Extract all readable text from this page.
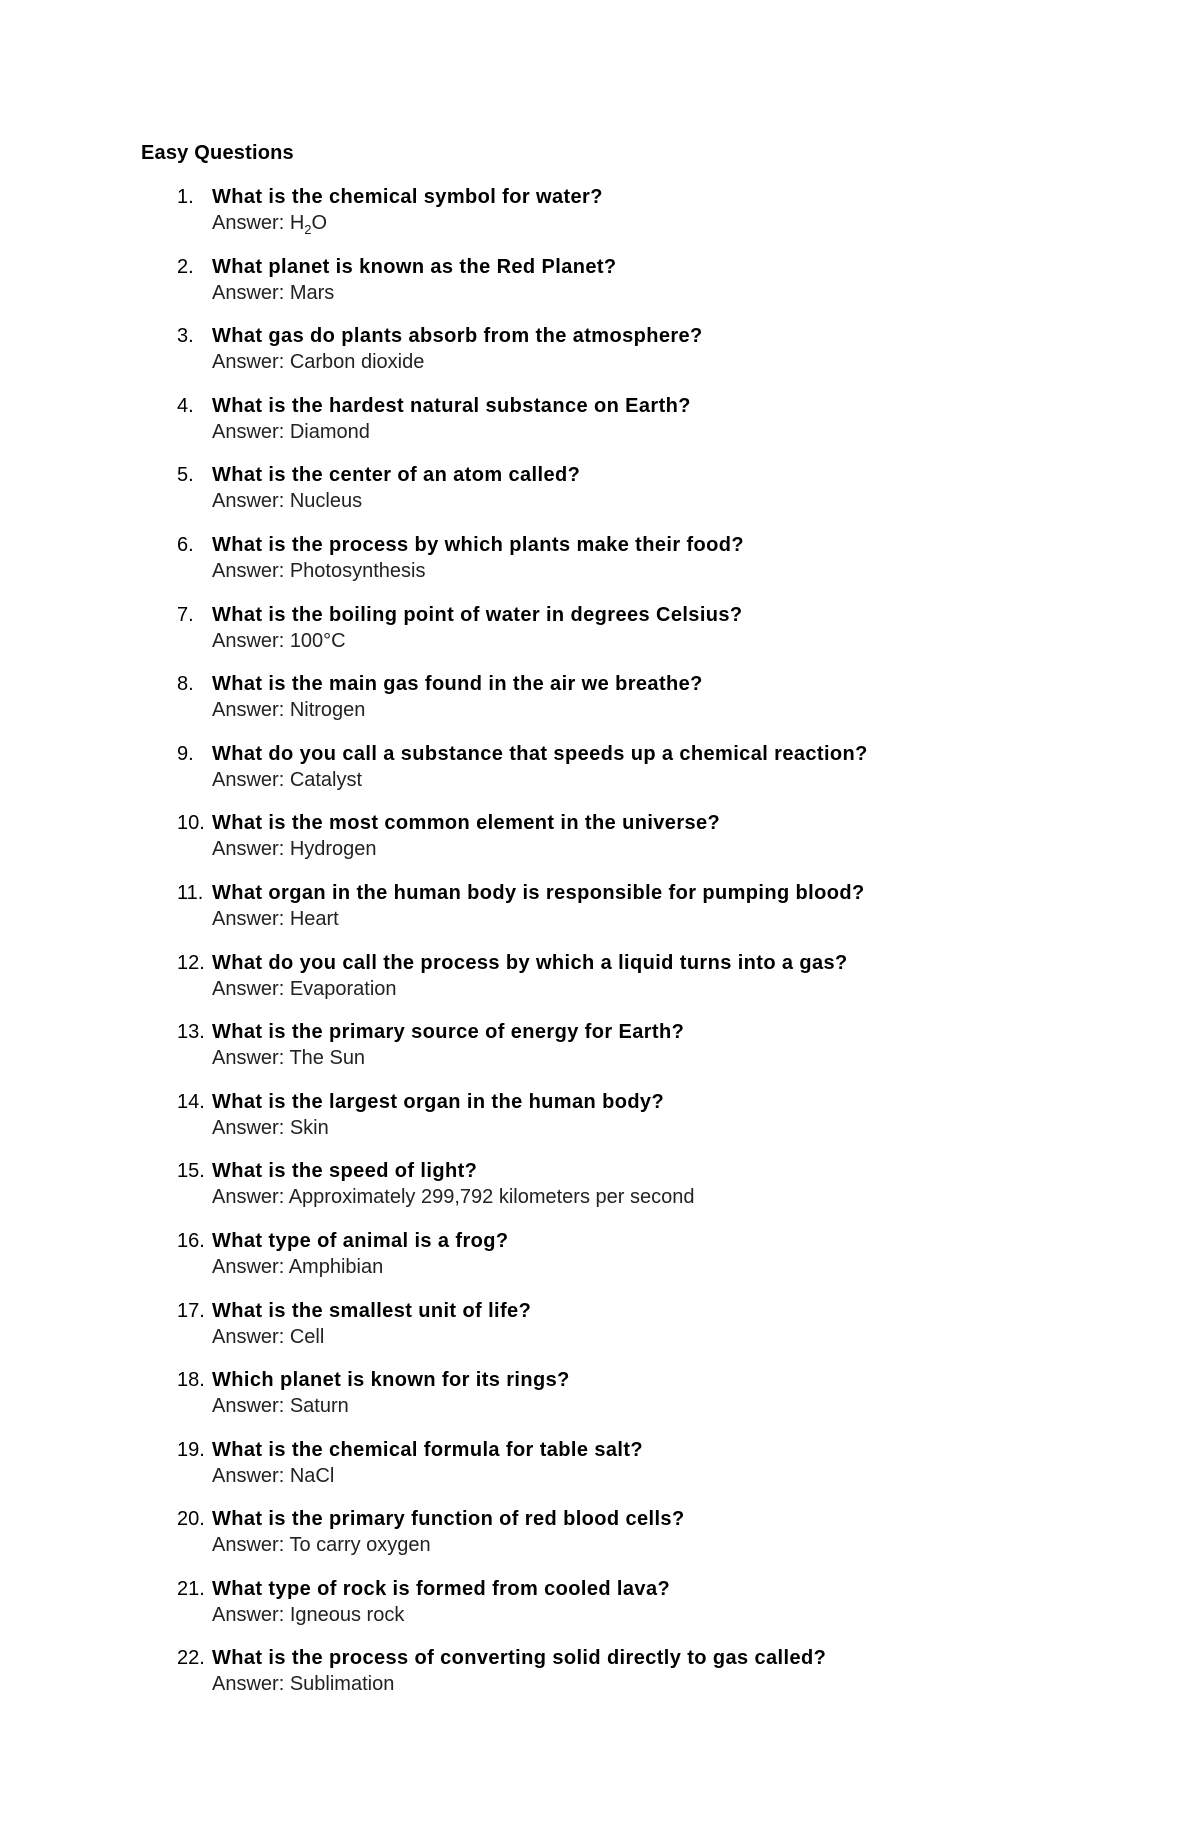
Easy Questions
1. What is the chemical symbol for water?
Answer: $H_2O$
2. What planet is known as the Red Planet?
Answer: Mars
3. What gas do plants absorb from the atmosphere?
Answer: Carbon dioxide
4. What is the hardest natural substance on Earth?
Answer: Diamond
5. What is the center of an atom called?
Answer: Nucleus
6. What is the process by which plants make their food?
Answer: Photosynthesis
7. What is the boiling point of water in degrees Celsius?
Answer: 100°C
8. What is the main gas found in the air we breathe?
Answer: Nitrogen
9. What do you call a substance that speeds up a chemical reaction?
Answer: Catalyst
10. What is the most common element in the universe?
Answer: Hydrogen
11. What organ in the human body is responsible for pumping blood?
Answer: Heart
12. What do you call the process by which a liquid turns into a gas?
Answer: Evaporation
13. What is the primary source of energy for Earth?
Answer: The Sun
14. What is the largest organ in the human body?
Answer: Skin
15. What is the speed of light?
Answer: Approximately 299,792 kilometers per second
16. What type of animal is a frog?
Answer: Amphibian
17. What is the smallest unit of life?
Answer: Cell
18. Which planet is known for its rings?
Answer: Saturn
19. What is the chemical formula for table salt?
Answer: NaCl
20. What is the primary function of red blood cells?
Answer: To carry oxygen
21. What type of rock is formed from cooled lava?
Answer: Igneous rock
22. What is the process of converting solid directly to gas called?
Answer: Sublimation
